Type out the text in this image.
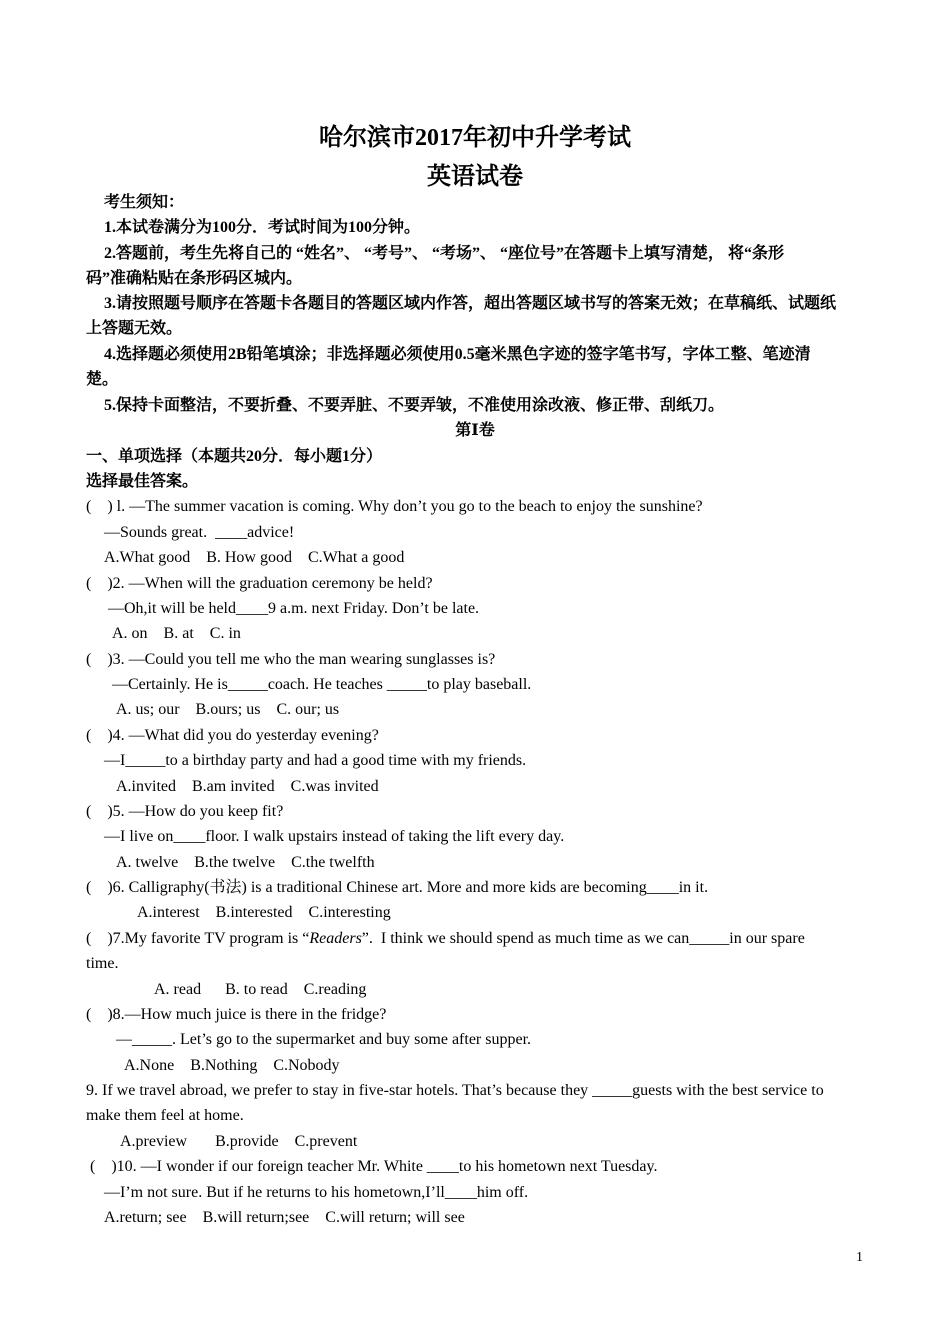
哈尔滨市2017年初中升学考试
英语试卷
考生须知：
1.本试卷满分为100分．考试时间为100分钟。
2.答题前，考生先将自己的 “姓名”、 “考号”、 “考场”、 “座位号”在答题卡上填写清楚， 将“条形
码”准确粘贴在条形码区城内。
3.请按照题号顺序在答题卡各题目的答题区域内作答，超出答题区域书写的答案无效；在草稿纸、试题纸
上答题无效。
4.选择题必须使用2B铅笔填涂；非选择题必须使用0.5毫米黑色字迹的签字笔书写，字体工整、笔迹清
楚。
5.保持卡面整洁，不要折叠、不要弄脏、不要弄皱，不准使用涂改液、修正带、刮纸刀。
第Ⅰ卷
一、单项选择（本题共20分．每小题1分）
选择最佳答案。
(    ) l. —The summer vacation is coming. Why don’t you go to the beach to enjoy the sunshine?
—Sounds great.  ____advice!
A.What good    B. How good    C.What a good
(    )2. —When will the graduation ceremony be held?
—Oh,it will be held____9 a.m. next Friday. Don’t be late.
A. on    B. at    C. in
(    )3. —Could you tell me who the man wearing sunglasses is?
—Certainly. He is_____coach. He teaches _____to play baseball.
A. us; our    B.ours; us    C. our; us
(    )4. —What did you do yesterday evening?
—I_____to a birthday party and had a good time with my friends.
A.invited    B.am invited    C.was invited
(    )5. —How do you keep fit?
—I live on____floor. I walk upstairs instead of taking the lift every day.
A. twelve    B.the twelve    C.the twelfth
(    )6. Calligraphy(书法) is a traditional Chinese art. More and more kids are becoming____in it.
A.interest    B.interested    C.interesting
(    )7.My favorite TV program is “Readers”.  I think we should spend as much time as we can_____in our spare
time.
A. read      B. to read    C.reading
(    )8.—How much juice is there in the fridge?
—_____. Let’s go to the supermarket and buy some after supper.
A.None    B.Nothing    C.Nobody
9. If we travel abroad, we prefer to stay in five-star hotels. That’s because they _____guests with the best service to
make them feel at home.
A.preview       B.provide    C.prevent
(    )10. —I wonder if our foreign teacher Mr. White ____to his hometown next Tuesday.
—I’m not sure. But if he returns to his hometown,I’ll____him off.
A.return; see    B.will return;see    C.will return; will see
1
